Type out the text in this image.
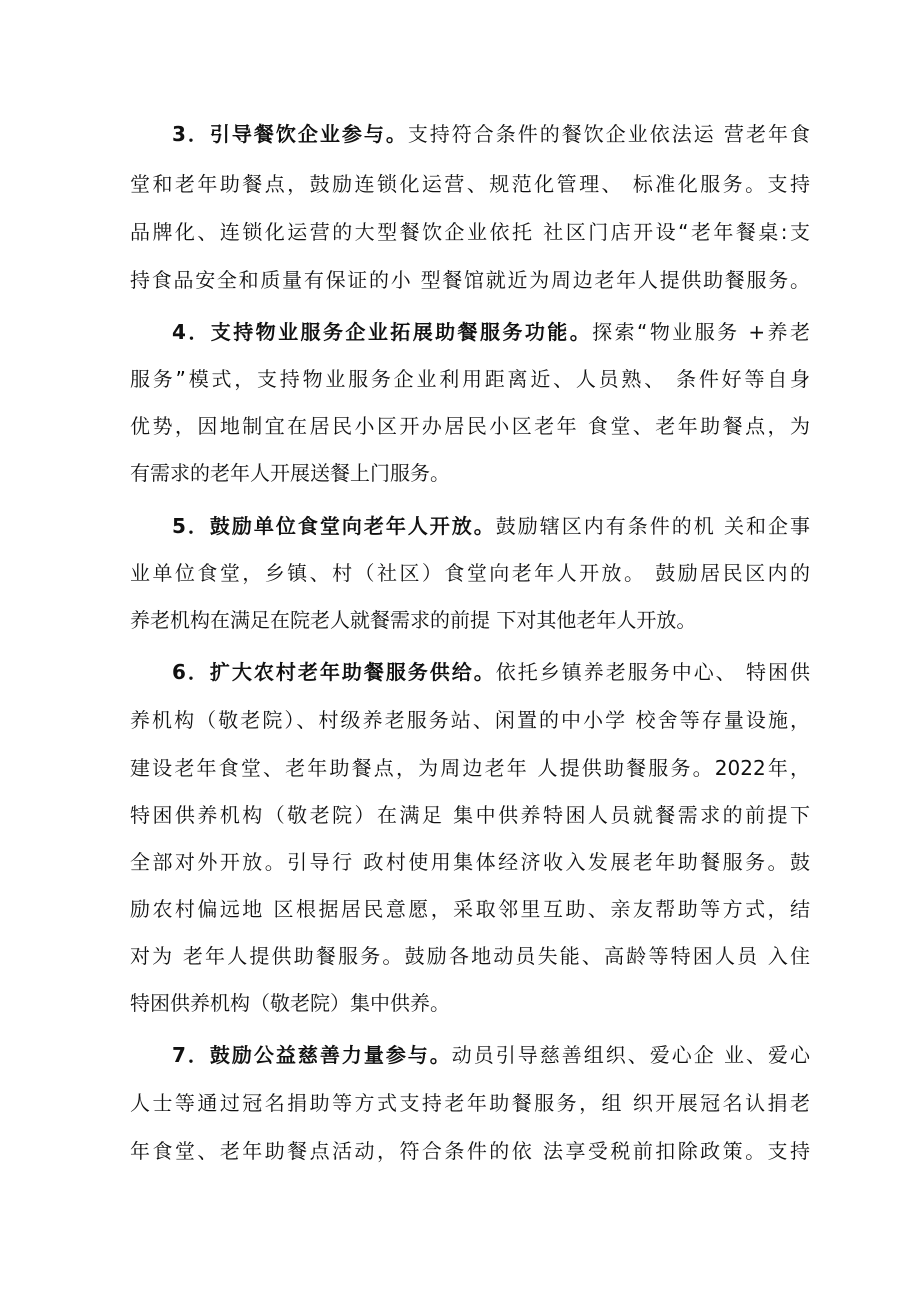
3．引导餐饮企业参与。支持符合条件的餐饮企业依法运 营老年食
堂和老年助餐点，鼓励连锁化运营、规范化管理、 标准化服务。支持
品牌化、连锁化运营的大型餐饮企业依托 社区门店开设“老年餐桌:支
持食品安全和质量有保证的小 型餐馆就近为周边老年人提供助餐服务。
4．支持物业服务企业拓展助餐服务功能。探索“物业服务 +养老
服务”模式，支持物业服务企业利用距离近、人员熟、 条件好等自身
优势，因地制宜在居民小区开办居民小区老年 食堂、老年助餐点，为
有需求的老年人开展送餐上门服务。
5．鼓励单位食堂向老年人开放。鼓励辖区内有条件的机 关和企事
业单位食堂，乡镇、村（社区）食堂向老年人开放。 鼓励居民区内的
养老机构在满足在院老人就餐需求的前提 下对其他老年人开放。
6．扩大农村老年助餐服务供给。依托乡镇养老服务中心、 特困供
养机构（敬老院）、村级养老服务站、闲置的中小学 校舍等存量设施，
建设老年食堂、老年助餐点，为周边老年 人提供助餐服务。2022年，
特困供养机构（敬老院）在满足 集中供养特困人员就餐需求的前提下
全部对外开放。引导行 政村使用集体经济收入发展老年助餐服务。鼓
励农村偏远地 区根据居民意愿，采取邻里互助、亲友帮助等方式，结
对为 老年人提供助餐服务。鼓励各地动员失能、高龄等特困人员 入住
特困供养机构（敬老院）集中供养。
7．鼓励公益慈善力量参与。动员引导慈善组织、爱心企 业、爱心
人士等通过冠名捐助等方式支持老年助餐服务，组 织开展冠名认捐老
年食堂、老年助餐点活动，符合条件的依 法享受税前扣除政策。支持
